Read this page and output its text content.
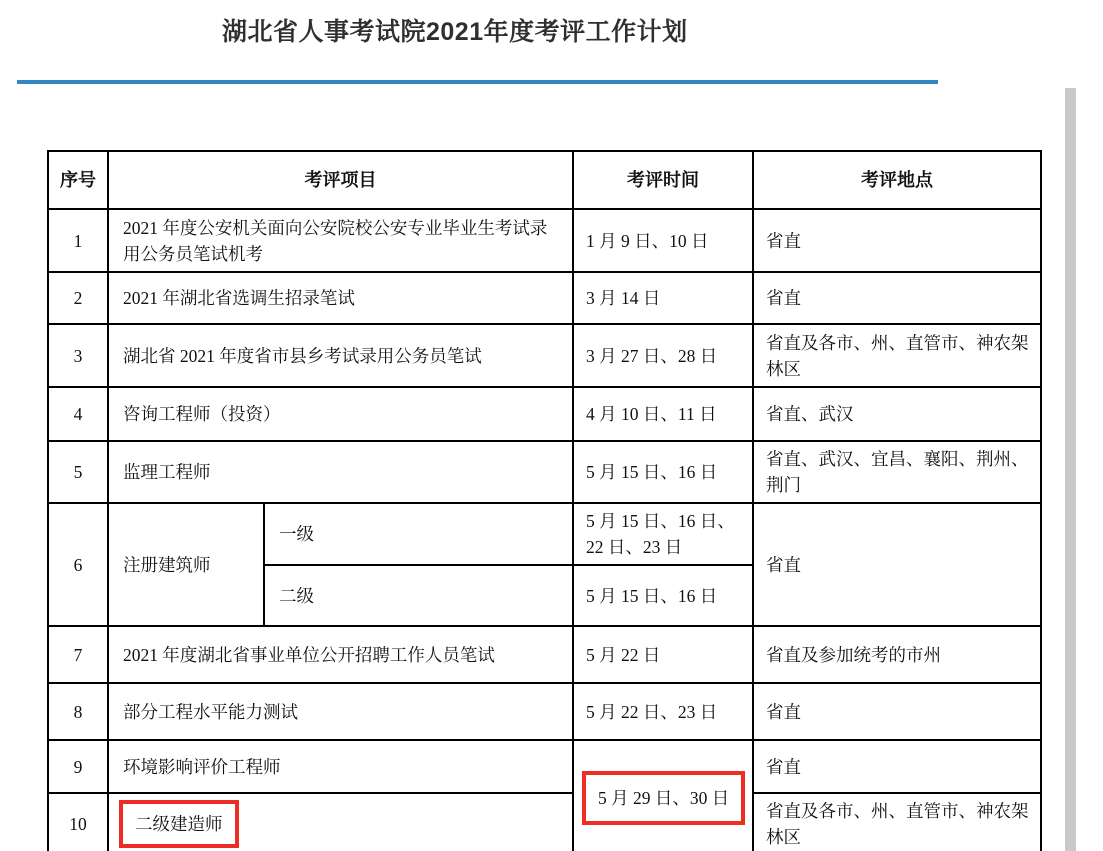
湖北省人事考试院2021年度考评工作计划
序号	考评项目		考评时间	考评地点
1	2021 年度公安机关面向公安院校公安专业毕业生考试录用公务员笔试机考		1 月 9 日、10 日	省直
2	2021 年湖北省选调生招录笔试		3 月 14 日	省直
3	湖北省 2021 年度省市县乡考试录用公务员笔试		3 月 27 日、28 日	省直及各市、州、直管市、神农架林区
4	咨询工程师（投资）		4 月 10 日、11 日	省直、武汉
5	监理工程师		5 月 15 日、16 日	省直、武汉、宜昌、襄阳、荆州、荆门
6	注册建筑师	一级	5 月 15 日、16 日、22 日、23 日	省直
		二级	5 月 15 日、16 日	
7	2021 年度湖北省事业单位公开招聘工作人员笔试		5 月 22 日	省直及参加统考的市州
8	部分工程水平能力测试		5 月 22 日、23 日	省直
9	环境影响评价工程师		5 月 29 日、30 日	省直
10	二级建造师			省直及各市、州、直管市、神农架林区
